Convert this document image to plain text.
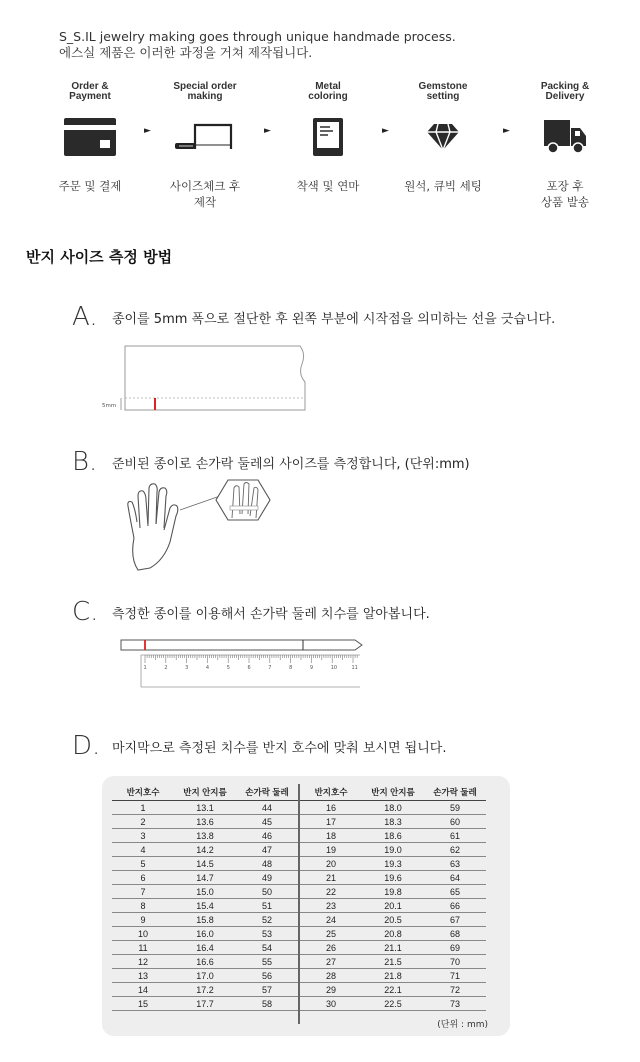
S_S.IL jewelry making goes through unique handmade process.
에스실 제품은 이러한 과정을 거쳐 제작됩니다.
Order &
Payment
주문 및 결제
►
Special order
making
사이즈체크 후
제작
►
Metal
coloring
착색 및 연마
►
Gemstone
setting
원석, 큐빅 세팅
►
Packing &
Delivery
포장 후
상품 발송
반지 사이즈 측정 방법
A.	종이를 5mm 폭으로 절단한 후 왼쪽 부분에 시작점을 의미하는 선을 긋습니다.
5mm
B.	준비된 종이로 손가락 둘레의 사이즈를 측정합니다, (단위:mm)
C.	측정한 종이를 이용해서 손가락 둘레 치수를 알아봅니다.
1	2	3	4	5	6	7	8	9	10	11
D. 마지막으로 측정된 치수를 반지 호수에 맞춰 보시면 됩니다.
반지호수	반지 안지름	손가락 둘레	반지호수	반지 안지름	손가락 둘레
1	13.1	44	16	18.0	59
2	13.6	45	17	18.3	60
3	13.8	46	18	18.6	61
4	14.2	47	19	19.0	62
5	14.5	48	20	19.3	63
6	14.7	49	21	19.6	64
7	15.0	50	22	19.8	65
8	15.4	51	23	20.1	66
9	15.8	52	24	20.5	67
10	16.0	53	25	20.8	68
11	16.4	54	26	21.1	69
12	16.6	55	27	21.5	70
13	17.0	56	28	21.8	71
14	17.2	57	29	22.1	72
15	17.7	58	30	22.5	73

(단위 : mm)
